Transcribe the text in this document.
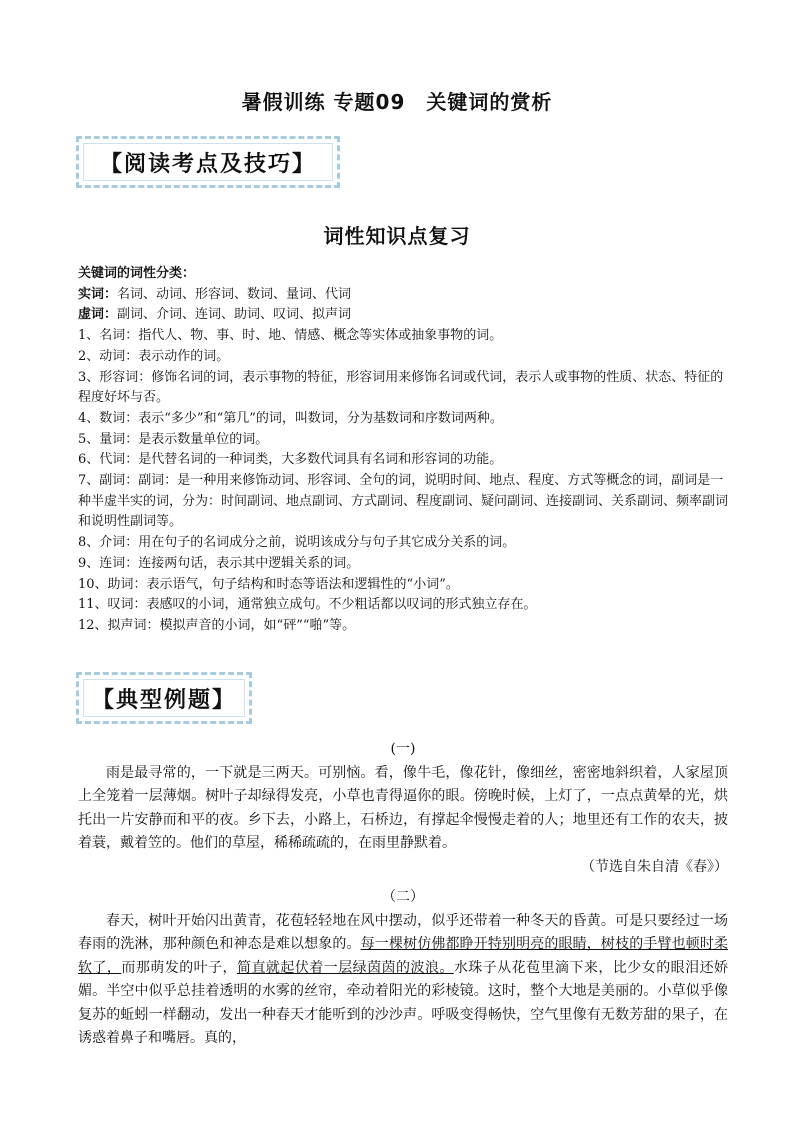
暑假训练 专题09　关键词的赏析
【阅读考点及技巧】
词性知识点复习

关键词的词性分类：

实词：名词、动词、形容词、数词、量词、代词

虚词：副词、介词、连词、助词、叹词、拟声词

1、名词：指代人、物、事、时、地、情感、概念等实体或抽象事物的词。

2、动词：表示动作的词。

3、形容词：修饰名词的词，表示事物的特征，形容词用来修饰名词或代词，表示人或事物的性质、状态、特征的程度好坏与否。

4、数词：表示“多少”和“第几”的词，叫数词，分为基数词和序数词两种。

5、量词：是表示数量单位的词。

6、代词：是代替名词的一种词类，大多数代词具有名词和形容词的功能。

7、副词：副词：是一种用来修饰动词、形容词、全句的词，说明时间、地点、程度、方式等概念的词，副词是一种半虚半实的词，分为：时间副词、地点副词、方式副词、程度副词、疑问副词、连接副词、关系副词、频率副词和说明性副词等。

8、介词：用在句子的名词成分之前，说明该成分与句子其它成分关系的词。

9、连词：连接两句话，表示其中逻辑关系的词。

10、助词：表示语气，句子结构和时态等语法和逻辑性的“小词”。

11、叹词：表感叹的小词，通常独立成句。不少粗话都以叹词的形式独立存在。

12、拟声词：模拟声音的小词，如“砰”“啪”等。

【典型例题】

(一)

雨是最寻常的，一下就是三两天。可别恼。看，像牛毛，像花针，像细丝，密密地斜织着，人家屋顶上全笼着一层薄烟。树叶子却绿得发亮，小草也青得逼你的眼。傍晚时候，上灯了，一点点黄晕的光，烘托出一片安静而和平的夜。乡下去，小路上，石桥边，有撑起伞慢慢走着的人；地里还有工作的农夫，披着蓑，戴着笠的。他们的草屋，稀稀疏疏的，在雨里静默着。

（节选自朱自清《春》）

（二）

春天，树叶开始闪出黄青，花苞轻轻地在风中摆动，似乎还带着一种冬天的昏黄。可是只要经过一场春雨的洗淋，那种颜色和神态是难以想象的。每一棵树仿佛都睁开特别明亮的眼睛，树枝的手臂也顿时柔软了，而那萌发的叶子，简直就起伏着一层绿茵茵的波浪。水珠子从花苞里滴下来，比少女的眼泪还娇媚。半空中似乎总挂着透明的水雾的丝帘，牵动着阳光的彩棱镜。这时，整个大地是美丽的。小草似乎像复苏的蚯蚓一样翻动，发出一种春天才能听到的沙沙声。呼吸变得畅快，空气里像有无数芳甜的果子，在诱惑着鼻子和嘴唇。真的，
